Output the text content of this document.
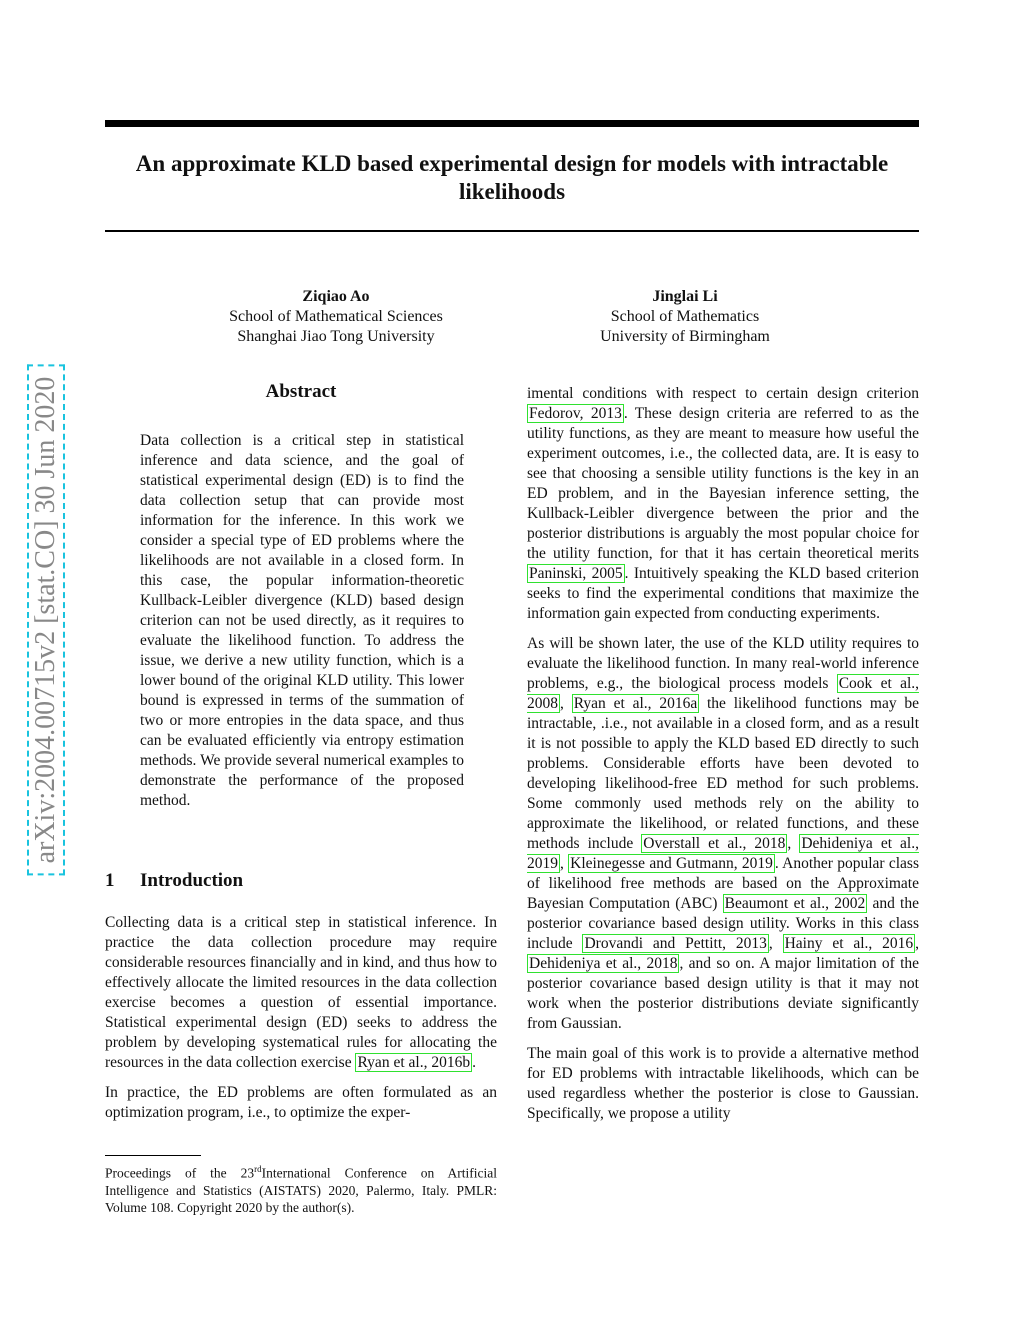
arXiv:2004.00715v2 [stat.CO] 30 Jun 2020
An approximate KLD based experimental design for models with intractable likelihoods
Ziqiao Ao
School of Mathematical Sciences
Shanghai Jiao Tong University
Jinglai Li
School of Mathematics
University of Birmingham
Abstract

Data collection is a critical step in statistical inference and data science, and the goal of statistical experimental design (ED) is to find the data collection setup that can provide most information for the inference. In this work we consider a special type of ED problems where the likelihoods are not available in a closed form. In this case, the popular information-theoretic Kullback-Leibler divergence (KLD) based design criterion can not be used directly, as it requires to evaluate the likelihood function. To address the issue, we derive a new utility function, which is a lower bound of the original KLD utility. This lower bound is expressed in terms of the summation of two or more entropies in the data space, and thus can be evaluated efficiently via entropy estimation methods. We provide several numerical examples to demonstrate the performance of the proposed method.

1 Introduction

Collecting data is a critical step in statistical inference. In practice the data collection procedure may require considerable resources financially and in kind, and thus how to effectively allocate the limited resources in the data collection exercise becomes a question of essential importance. Statistical experimental design (ED) seeks to address the problem by developing systematical rules for allocating the resources in the data collection exercise Ryan et al., 2016b .

In practice, the ED problems are often formulated as an optimization program, i.e., to optimize the exper-

imental conditions with respect to certain design criterion Fedorov, 2013 . These design criteria are referred to as the utility functions, as they are meant to measure how useful the experiment outcomes, i.e., the collected data, are. It is easy to see that choosing a sensible utility functions is the key in an ED problem, and in the Bayesian inference setting, the Kullback-Leibler divergence between the prior and the posterior distributions is arguably the most popular choice for the utility function, for that it has certain theoretical merits Paninski, 2005 . Intuitively speaking the KLD based criterion seeks to find the experimental conditions that maximize the information gain expected from conducting experiments.

As will be shown later, the use of the KLD utility requires to evaluate the likelihood function. In many real-world inference problems, e.g., the biological process models Cook et al., 2008 , Ryan et al., 2016a the likelihood functions may be intractable, .i.e., not available in a closed form, and as a result it is not possible to apply the KLD based ED directly to such problems. Considerable efforts have been devoted to developing likelihood-free ED method for such problems. Some commonly used methods rely on the ability to approximate the likelihood, or related functions, and these methods include Overstall et al., 2018 , Dehideniya et al., 2019 , Kleinegesse and Gutmann, 2019 . Another popular class of likelihood free methods are based on the Approximate Bayesian Computation (ABC) Beaumont et al., 2002 and the posterior covariance based design utility. Works in this class include Drovandi and Pettitt, 2013 , Hainy et al., 2016 , Dehideniya et al., 2018 , and so on. A major limitation of the posterior covariance based design utility is that it may not work when the posterior distributions deviate significantly from Gaussian.

The main goal of this work is to provide a alternative method for ED problems with intractable likelihoods, which can be used regardless whether the posterior is close to Gaussian. Specifically, we propose a utility

Proceedings of the 23rdInternational Conference on Artificial Intelligence and Statistics (AISTATS) 2020, Palermo, Italy. PMLR: Volume 108. Copyright 2020 by the author(s).
